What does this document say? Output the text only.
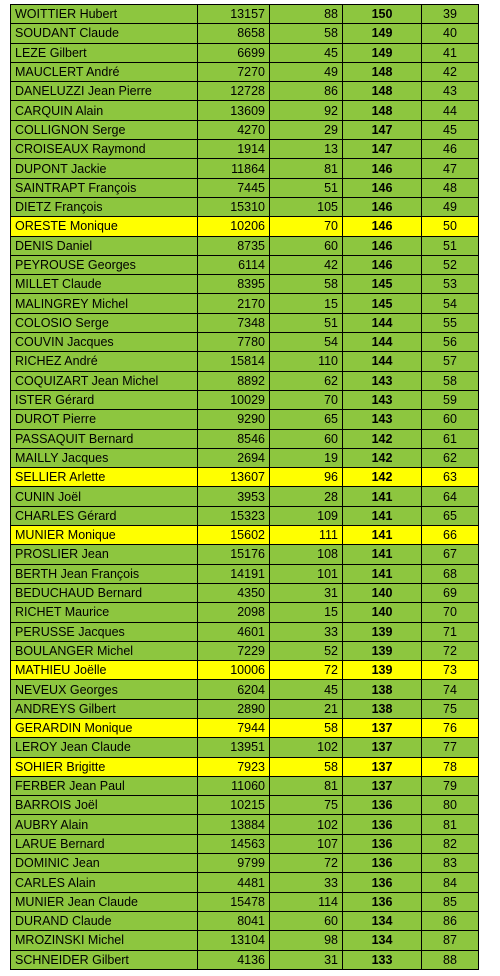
WOITTIER Hubert	13157	88	150	39
SOUDANT Claude	8658	58	149	40
LEZE Gilbert	6699	45	149	41
MAUCLERT André	7270	49	148	42
DANELUZZI Jean Pierre	12728	86	148	43
CARQUIN Alain	13609	92	148	44
COLLIGNON Serge	4270	29	147	45
CROISEAUX Raymond	1914	13	147	46
DUPONT Jackie	11864	81	146	47
SAINTRAPT François	7445	51	146	48
DIETZ François	15310	105	146	49
ORESTE Monique	10206	70	146	50
DENIS Daniel	8735	60	146	51
PEYROUSE Georges	6114	42	146	52
MILLET Claude	8395	58	145	53
MALINGREY Michel	2170	15	145	54
COLOSIO Serge	7348	51	144	55
COUVIN Jacques	7780	54	144	56
RICHEZ André	15814	110	144	57
COQUIZART Jean Michel	8892	62	143	58
ISTER Gérard	10029	70	143	59
DUROT Pierre	9290	65	143	60
PASSAQUIT Bernard	8546	60	142	61
MAILLY Jacques	2694	19	142	62
SELLIER Arlette	13607	96	142	63
CUNIN Joël	3953	28	141	64
CHARLES Gérard	15323	109	141	65
MUNIER Monique	15602	111	141	66
PROSLIER Jean	15176	108	141	67
BERTH Jean François	14191	101	141	68
BEDUCHAUD Bernard	4350	31	140	69
RICHET Maurice	2098	15	140	70
PERUSSE Jacques	4601	33	139	71
BOULANGER Michel	7229	52	139	72
MATHIEU Joëlle	10006	72	139	73
NEVEUX Georges	6204	45	138	74
ANDREYS Gilbert	2890	21	138	75
GERARDIN Monique	7944	58	137	76
LEROY Jean Claude	13951	102	137	77
SOHIER Brigitte	7923	58	137	78
FERBER Jean Paul	11060	81	137	79
BARROIS Joël	10215	75	136	80
AUBRY Alain	13884	102	136	81
LARUE Bernard	14563	107	136	82
DOMINIC Jean	9799	72	136	83
CARLES Alain	4481	33	136	84
MUNIER Jean Claude	15478	114	136	85
DURAND Claude	8041	60	134	86
MROZINSKI Michel	13104	98	134	87
SCHNEIDER Gilbert	4136	31	133	88
